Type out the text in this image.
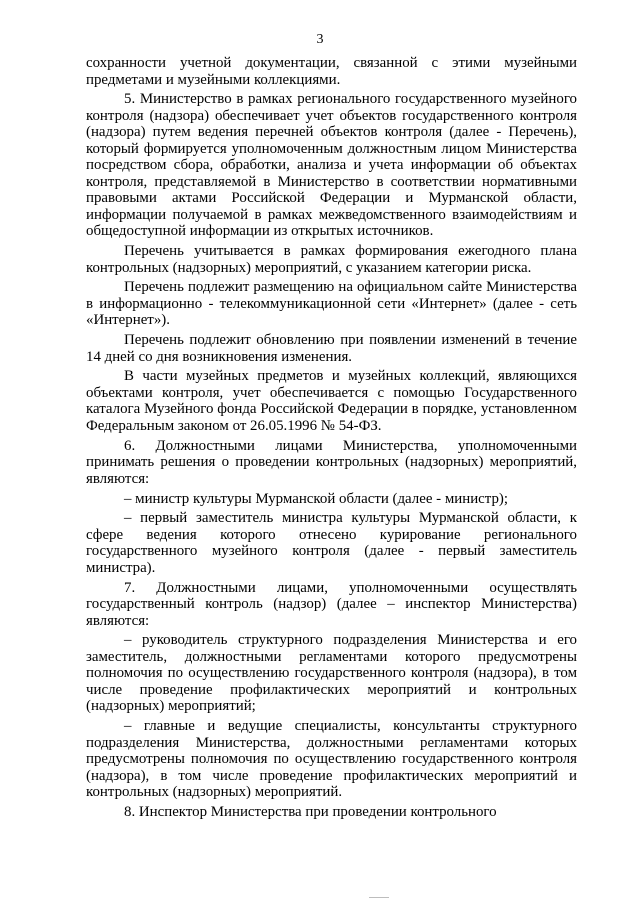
3

сохранности учетной документации, связанной с этими музейными предметами и музейными коллекциями.

5. Министерство в рамках регионального государственного музейного контроля (надзора) обеспечивает учет объектов государственного контроля (надзора) путем ведения перечней объектов контроля (далее - Перечень), который формируется уполномоченным должностным лицом Министерства посредством сбора, обработки, анализа и учета информации об объектах контроля, представляемой в Министерство в соответствии нормативными правовыми актами Российской Федерации и Мурманской области, информации получаемой в рамках межведомственного взаимодействиям и общедоступной информации из открытых источников.

Перечень учитывается в рамках формирования ежегодного плана контрольных (надзорных) мероприятий, с указанием категории риска.

Перечень подлежит размещению на официальном сайте Министерства в информационно - телекоммуникационной сети «Интернет» (далее - сеть «Интернет»).

Перечень подлежит обновлению при появлении изменений в течение 14 дней со дня возникновения изменения.

В части музейных предметов и музейных коллекций, являющихся объектами контроля, учет обеспечивается с помощью Государственного каталога Музейного фонда Российской Федерации в порядке, установленном Федеральным законом от 26.05.1996 № 54-ФЗ.

6. Должностными лицами Министерства, уполномоченными принимать решения о проведении контрольных (надзорных) мероприятий, являются:

– министр культуры Мурманской области (далее - министр);

– первый заместитель министра культуры Мурманской области, к сфере ведения которого отнесено курирование регионального государственного музейного контроля (далее - первый заместитель министра).

7. Должностными лицами, уполномоченными осуществлять государственный контроль (надзор) (далее – инспектор Министерства) являются:

– руководитель структурного подразделения Министерства и его заместитель, должностными регламентами которого предусмотрены полномочия по осуществлению государственного контроля (надзора), в том числе проведение профилактических мероприятий и контрольных (надзорных) мероприятий;

– главные и ведущие специалисты, консультанты структурного подразделения Министерства, должностными регламентами которых предусмотрены полномочия по осуществлению государственного контроля (надзора), в том числе проведение профилактических мероприятий и контрольных (надзорных) мероприятий.

8. Инспектор Министерства при проведении контрольного
